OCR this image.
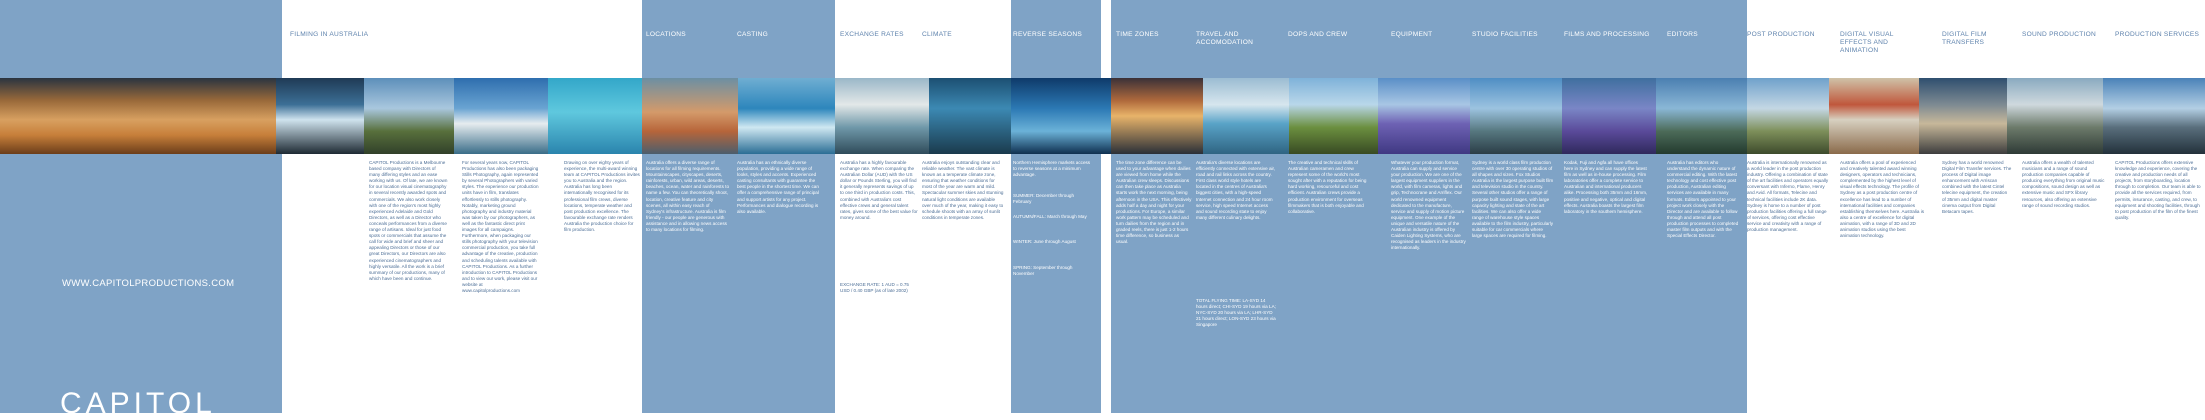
FILMING IN AUSTRALIA	LOCATIONS	CASTING	EXCHANGE RATES	CLIMATE	REVERSE SEASONS	TIME ZONES	TRAVEL AND ACCOMODATION
DOPS AND CREW	EQUIPMENT	STUDIO FACILITIES	FILMS AND PROCESSING	EDITORS	POST PRODUCTION	DIGITAL VISUAL EFFECTS AND ANIMATION
DIGITAL FILM TRANSFERS
SOUND PRODUCTION	PRODUCTION SERVICES
CAPITOL PRODUCTIONS HAS OVERSEEN ON THE WORK WE DO FOR THE INTERNATIONAL MARKET. WE CUSTOMISE OUR WORKING WITH OVERSEAS COMPANIES AND INTRODUCING YOU TO THE BEST AGENCIES OF FILMING IN AUSTRALIA WITH THE PEOPLE. BE WELL IN FILMING. OUR CREATIVE TALENT HAS EXTENSIVE TIME TO SOME OF THE MOST EXPERIENCED AND INTERNATIONALLY AWARDED DIRECTORS AVAILABLE. WE MAKE IT OUR PRIORITY TO OFFER MORE ASSISTANCE ON WORK SHOOT AND THE WORLD RESOURCE WE BRING FROM TAKE TO TRANSMIT TO OUR ACHIEVEMENTS.
CAPITOL Productions is a Melbourne based company with Directors of many differing styles and an ease working with us. Of late, we are known for our location visual cinematography in several recently awarded spots and commercials. We also work closely with one of the region's most highly experienced Adelaide and Gold Directors, as well as a Director who conceals performances from a diverse range of artisans. Ideal for just food spots or commercials that assume the call for wide and brief and sheer and appealing Directors or those of our great Directors, our Directors are also experienced cinematographers and highly versatile. All the work is a brief summary of our productions, many of which have been and continue.
For several years now, CAPITOL Productions has also been packaging Stills Photography, again represented by several Photographers with varied styles. The experience our production units have in film, translates effortlessly to stills photography. Notably, marketing ground photography and industry material was taken by our photographers, as well as the fantastic direct print images for all campaigns. Furthermore, when packaging our stills photography with your television commercial production, you take full advantage of the creative, production and scheduling talents available with CAPITOL Productions. As a further introduction to CAPITOL Productions and to view our work, please visit our website at www.capitolproductions.com
Drawing on over eighty years of experience, the multi-award winning team at CAPITOL Productions invites you to Australia and the region. Australia has long been internationally recognised for its professional film crews, diverse locations, temperate weather and post production excellence. The favourable exchange rate renders Australia the production choice for film production.
Australia offers a diverse range of locations for all filming requirements. Mountainscapes, cityscapes, deserts, rainforests, urban, wild areas, deserts, beaches, ocean, water and rainforests to name a few. You can theoretically shoot, location, creative feature and city scenes, all within easy reach of Sydney's infrastructure. Australia is film friendly - our people are generous with assistance and in allowing news access to many locations for filming.
Australia has an ethnically diverse population, providing a wide range of looks, styles and accents. Experienced casting consultants with guarantee the best people in the shortest time. We can offer a comprehensive range of principal and support artists for any project. Performances and dialogue recording is also available.
Australia has a highly favourable exchange rate. When comparing the Australian Dollar (AUD) with the US dollar or Pounds Sterling, you will find it generally represents savings of up to one third in production costs. This, combined with Australia's cost effective crews and general talent rates, gives some of the best value for money around.
EXCHANGE RATE: 1 AUD = 0.75 USD / 0.40 GBP (as of late 2002)
Australia enjoys outstanding clear and reliable weather. The vast climate is known as a temperate climate zone, ensuring that weather conditions for most of the year are warm and mild. Spectacular summer skies and stunning natural light conditions are available over much of the year, making it easy to schedule shoots with an array of sunlit conditions in temperate zones.
Northern Hemisphere markets access to reverse seasons at a minimum advantage.
SUMMER: December through February
AUTUMN/FALL: March through May
WINTER: June through August
SPRING: September through November
The time zone difference can be used to your advantage when dailies are viewed from home while the Australian crew sleeps. Discussions can then take place as Australia starts work the next morning, being afternoon in the USA. This effectively adds half a day and night for your productions. For Europe, a similar work pattern may be scheduled and turn dailies from the region and in graded reels, there is just 1-2 hours time difference, so business as usual.
Australia's diverse locations are efficiently connected with extensive air, road and rail links across the country. First class world style hotels are located in the centres of Australia's biggest cities, with a high-speed Internet connection and 24 hour room service, high speed Internet access and sound recording state to enjoy many different culinary delights.
TOTAL FLYING TIME: LA-SYD 14 hours direct; CHI-SYD 19 hours via LA; NYC-SYD 20 hours via LA; LHR-SYD 21 hours direct; LON-SYD 23 hours via Singapore
The creative and technical skills of Australian cameramen and crew represent some of the world's most sought after with a reputation for being hard working, resourceful and cost efficient. Australian crews provide a production environment for overseas filmmakers that is both enjoyable and collaborative.
Whatever your production format, Australia can supply and service your production. We are one of the largest equipment suppliers in the world, with film cameras, lights and grip, Technocrane and Arriflex. Our world renowned equipment dedicated to the manufacture, service and supply of motion picture equipment. One example of the unique and versatile nature of the Australian industry is offered by Caiden Lighting Systems, who are recognised as leaders in the industry internationally.
Sydney is a world class film production centre with over 30 operating studios of all shapes and sizes. Fox Studios Australia is the largest purpose built film and television studio in the country. Several other studios offer a range of purpose built sound stages, with large capacity lighting and state of the art facilities. We can also offer a wide range of warehouse style spaces available to the film industry, particularly suitable for car commercials where large spaces are required for filming.
Kodak, Fuji and Agfa all have offices here in Sydney and can supply the latest film as well as in-house processing. Film laboratories offer a complete service to Australian and international producers alike. Processing both 35mm and 16mm, positive and negative, optical and digital effects. Australia boasts the largest film laboratory in the southern hemisphere.
Australia has editors who understand the dynamic nature of commercial editing. With the latest technology and cost effective post production, Australian editing services are available in many formats. Editors appointed to your project work closely with the Director and are available to follow through and attend all post production processes to completed master film outputs and with the Special Effects Director.
Australia is internationally renowned as a world leader in the post production industry. Offering a combination of state of the art facilities and operators equally conversant with Inferno, Flame, Henry and Avid. All formats, Telecine and technical facilities include 2K data. Sydney is home to a number of post production facilities offering a full range of services, offering cost effective service and creativity with a range of production management.
Australia offers a pool of experienced and creatively talented award winning designers, operators and technicians, complemented by the highest level of visual effects technology. The profile of Sydney as a post production centre of excellence has lead to a number of international facilities and companies establishing themselves here. Australia is also a centre of excellence for digital animation, with a range of 3D and 2D animation studios using the best animation technology.
Sydney has a world renowned Digital Film Transfer services. The process of Digital image enhancement with Arriscan combined with the latest Cintel telecine equipment, the creation of 35mm and digital master cinema output from Digital Betacam tapes.
Australia offers a wealth of talented musicians and a range of sound production companies capable of producing everything from original music compositions, sound design as well as extensive music and SFX library resources, also offering an extensive range of sound recording studios.
CAPITOL Productions offers extensive knowledge and experience, covering the creative and production needs of all projects, from storyboarding, location through to completion. Our team is able to provide all the services required, from permits, insurance, casting, and crew, to equipment and shooting facilities, through to post production of the film of the finest quality.
WWW.CAPITOLPRODUCTIONS.COM
CAPITOL
